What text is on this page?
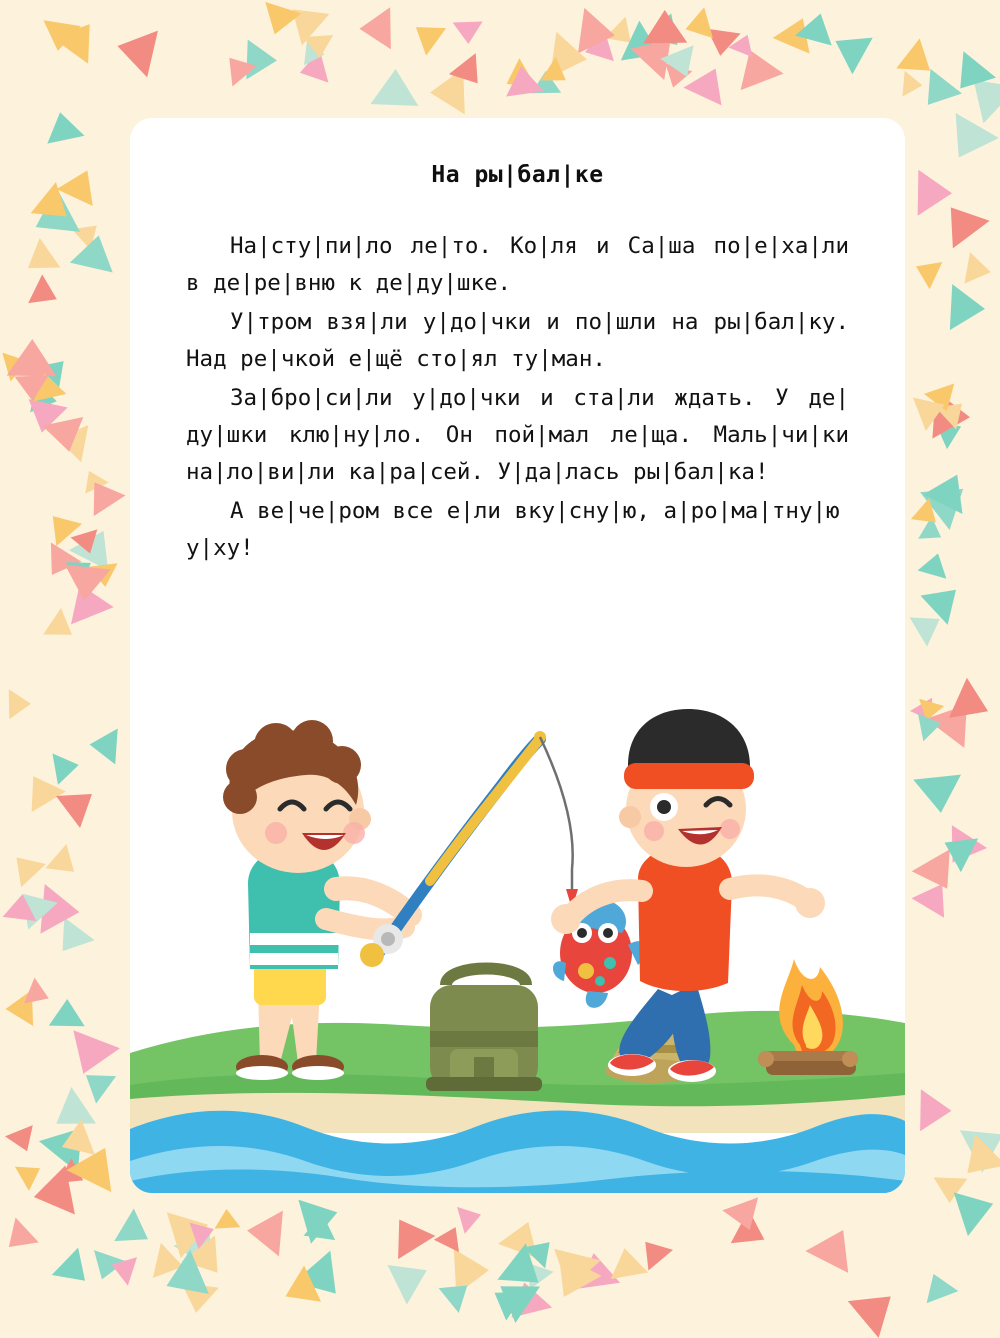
На ры|бал|ке

На|сту|пи|ло ле|то. Ко|ля и Са|ша по|е|ха|ли в де|ре|вню к де|ду|шке.

У|тром взя|ли у|до|чки и по|шли на ры|бал|ку. Над ре|чкой е|щё сто|ял ту|ман.

За|бро|си|ли у|до|чки и ста|ли ждать. У де|ду|шки клю|ну|ло. Он пой|мал ле|ща. Маль|чи|ки на|ло|ви|ли ка|ра|сей. У|да|лась ры|бал|ка!

А ве|че|ром все е|ли вку|сну|ю, а|ро|ма|тну|ю у|ху!
